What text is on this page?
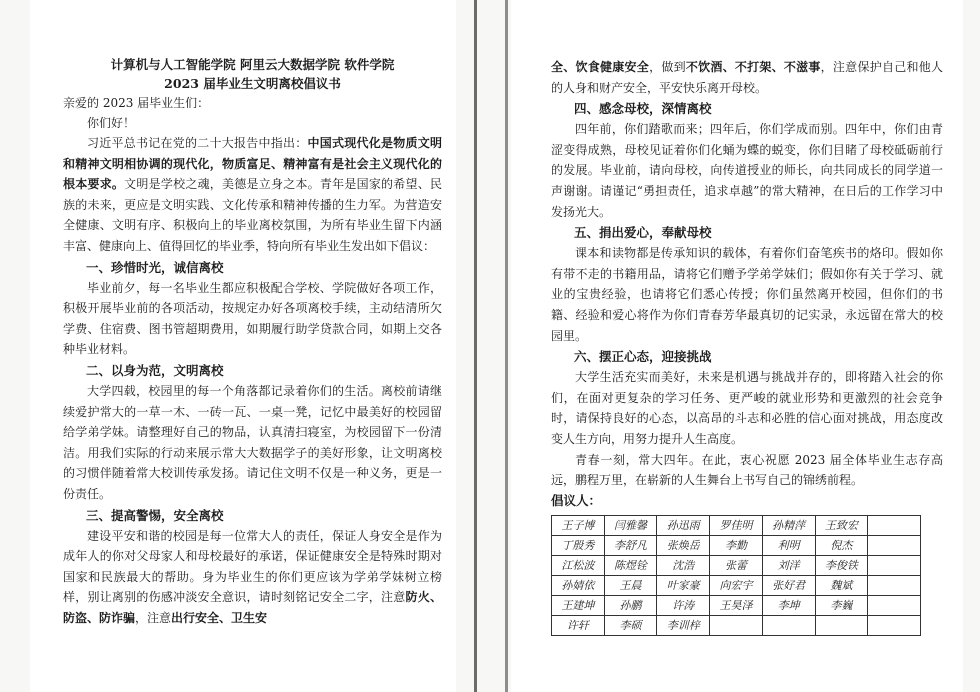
计算机与人工智能学院 阿里云大数据学院 软件学院
2023 届毕业生文明离校倡议书
亲爱的 2023 届毕业生们：
你们好！

习近平总书记在党的二十大报告中指出：中国式现代化是物质文明和精神文明相协调的现代化，物质富足、精神富有是社会主义现代化的根本要求。文明是学校之魂，美德是立身之本。青年是国家的希望、民族的未来，更应是文明实践、文化传承和精神传播的生力军。为营造安全健康、文明有序、积极向上的毕业离校氛围，为所有毕业生留下内涵丰富、健康向上、值得回忆的毕业季，特向所有毕业生发出如下倡议：

一、珍惜时光，诚信离校

毕业前夕，每一名毕业生都应积极配合学校、学院做好各项工作，积极开展毕业前的各项活动，按规定办好各项离校手续，主动结清所欠学费、住宿费、图书管超期费用，如期履行助学贷款合同，如期上交各种毕业材料。

二、以身为范，文明离校

大学四载，校园里的每一个角落都记录着你们的生活。离校前请继续爱护常大的一草一木、一砖一瓦、一桌一凳，记忆中最美好的校园留给学弟学妹。请整理好自己的物品，认真清扫寝室，为校园留下一份清洁。用我们实际的行动来展示常大大数据学子的美好形象，让文明离校的习惯伴随着常大校训传承发扬。请记住文明不仅是一种义务，更是一份责任。

三、提高警惕，安全离校

建设平安和谐的校园是每一位常大人的责任，保证人身安全是作为成年人的你对父母家人和母校最好的承诺，保证健康安全是特殊时期对国家和民族最大的帮助。身为毕业生的你们更应该为学弟学妹树立榜样，别让离别的伤感冲淡安全意识，请时刻铭记安全二字，注意防火、防盗、防诈骗，注意出行安全、卫生安

全、饮食健康安全，做到不饮酒、不打架、不滋事，注意保护自己和他人的人身和财产安全，平安快乐离开母校。

四、感念母校，深情离校

四年前，你们踏歌而来；四年后，你们学成而别。四年中，你们由青涩变得成熟，母校见证着你们化蛹为蝶的蜕变，你们目睹了母校砥砺前行的发展。毕业前，请向母校，向传道授业的师长，向共同成长的同学道一声谢谢。请谨记“勇担责任，追求卓越”的常大精神，在日后的工作学习中发扬光大。

五、捐出爱心，奉献母校

课本和读物都是传承知识的载体，有着你们奋笔疾书的烙印。假如你有带不走的书籍用品，请将它们赠予学弟学妹们；假如你有关于学习、就业的宝贵经验，也请将它们悉心传授；你们虽然离开校园，但你们的书籍、经验和爱心将作为你们青春芳华最真切的记实录，永远留在常大的校园里。

六、摆正心态，迎接挑战

大学生活充实而美好，未来是机遇与挑战并存的，即将踏入社会的你们，在面对更复杂的学习任务、更严峻的就业形势和更激烈的社会竞争时，请保持良好的心态，以高昂的斗志和必胜的信心面对挑战，用态度改变人生方向，用努力提升人生高度。

青春一刻，常大四年。在此，衷心祝愿 2023 届全体毕业生志存高远，鹏程万里，在崭新的人生舞台上书写自己的锦绣前程。

倡议人：
王子博	闫雅馨	孙迅雨	罗佳明	孙精萍	王致宏	
丁殷秀	李舒凡	张焕岳	李勤	利明	倪杰	
江松波	陈煜铨	沈浩	张蕾	刘洋	李俊铁	
孙婧依	王晨	叶家豪	向宏宇	张好君	魏斌	
王建坤	孙鹏	许涛	王昊泽	李坤	李巍	
许轩	李硕	李训梓				
